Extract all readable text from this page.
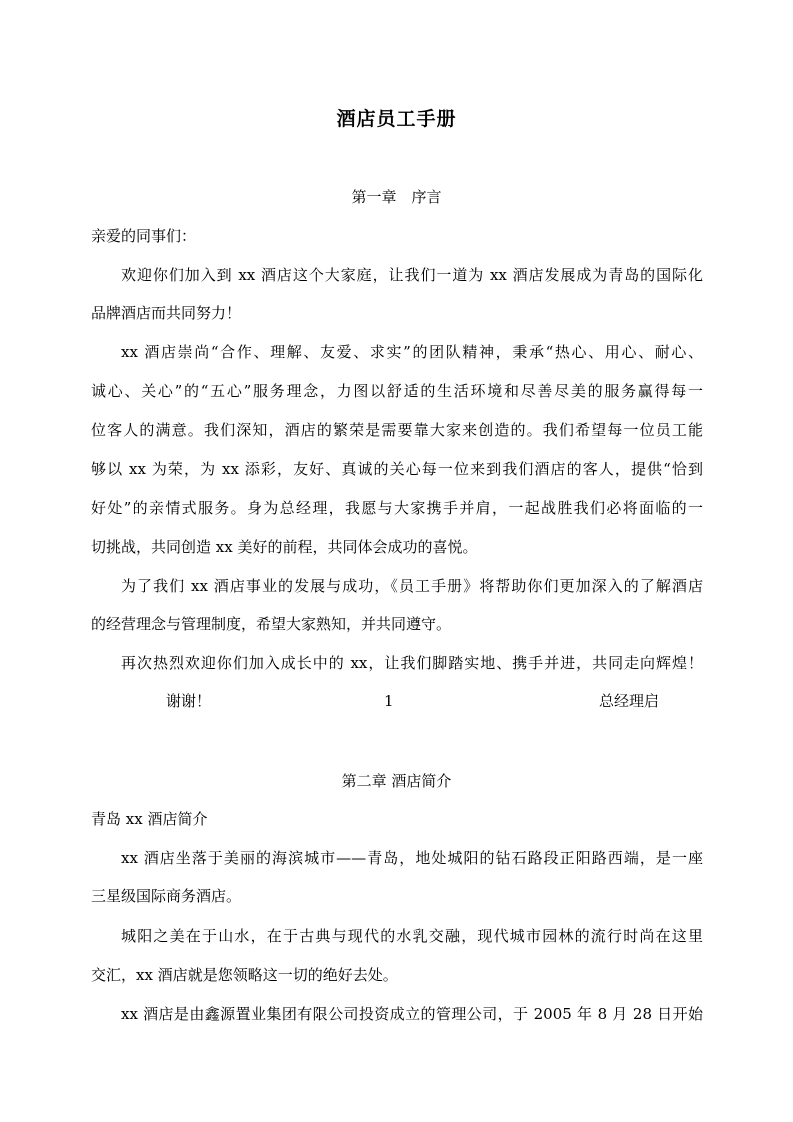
酒店员工手册
第一章　序言
亲爱的同事们：
欢迎你们加入到 xx 酒店这个大家庭，让我们一道为 xx 酒店发展成为青岛的国际化
品牌酒店而共同努力！
xx 酒店崇尚“合作、理解、友爱、求实”的团队精神，秉承“热心、用心、耐心、
诚心、关心”的“五心”服务理念，力图以舒适的生活环境和尽善尽美的服务赢得每一
位客人的满意。我们深知，酒店的繁荣是需要靠大家来创造的。我们希望每一位员工能
够以 xx 为荣，为 xx 添彩，友好、真诚的关心每一位来到我们酒店的客人，提供“恰到
好处”的亲情式服务。身为总经理，我愿与大家携手并肩，一起战胜我们必将面临的一
切挑战，共同创造 xx 美好的前程，共同体会成功的喜悦。
为了我们 xx 酒店事业的发展与成功，《员工手册》将帮助你们更加深入的了解酒店
的经营理念与管理制度，希望大家熟知，并共同遵守。
再次热烈欢迎你们加入成长中的 xx，让我们脚踏实地、携手并进，共同走向辉煌！
谢谢！	1	总经理启
第二章 酒店简介
青岛 xx 酒店简介
xx 酒店坐落于美丽的海滨城市——青岛，地处城阳的钻石路段正阳路西端，是一座
三星级国际商务酒店。
城阳之美在于山水，在于古典与现代的水乳交融，现代城市园林的流行时尚在这里
交汇，xx 酒店就是您领略这一切的绝好去处。
xx 酒店是由鑫源置业集团有限公司投资成立的管理公司，于 2005 年 8 月 28 日开始
